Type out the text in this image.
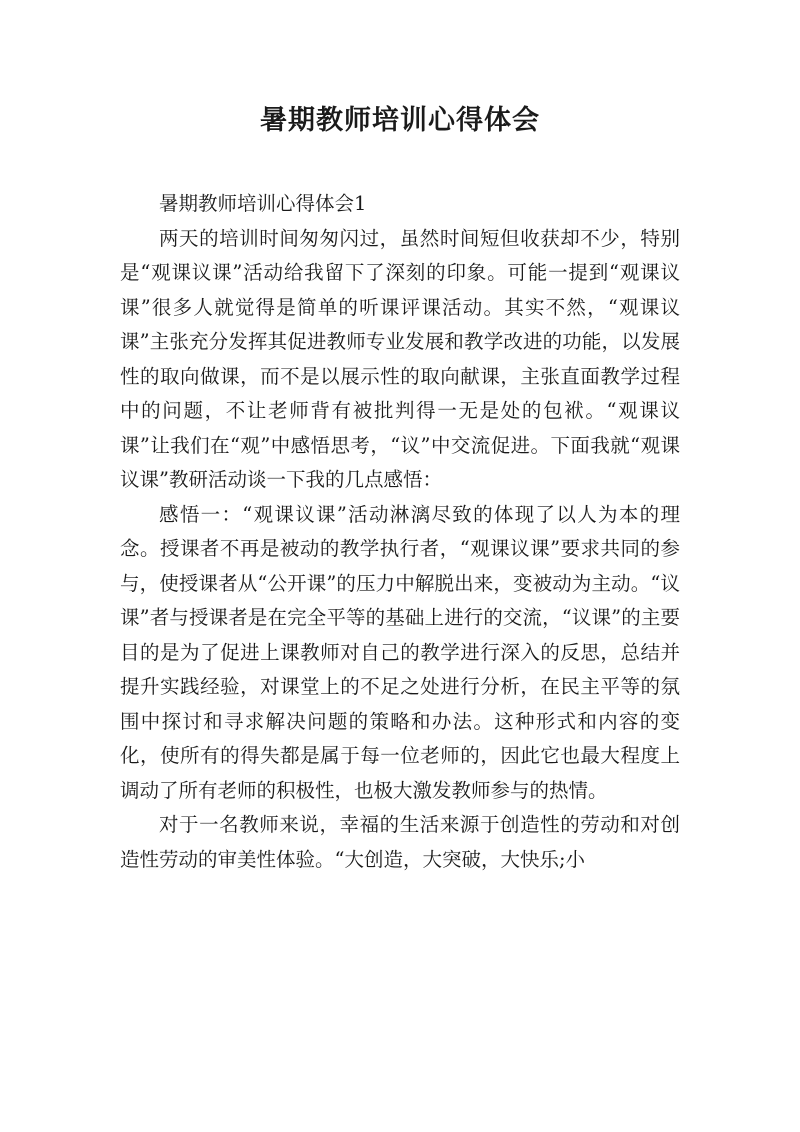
暑期教师培训心得体会

暑期教师培训心得体会1

两天的培训时间匆匆闪过，虽然时间短但收获却不少，特别是“观课议课”活动给我留下了深刻的印象。可能一提到“观课议课”很多人就觉得是简单的听课评课活动。其实不然，“观课议课”主张充分发挥其促进教师专业发展和教学改进的功能，以发展性的取向做课，而不是以展示性的取向献课，主张直面教学过程中的问题，不让老师背有被批判得一无是处的包袱。“观课议课”让我们在“观”中感悟思考，“议”中交流促进。下面我就“观课议课”教研活动谈一下我的几点感悟：

感悟一：“观课议课”活动淋漓尽致的体现了以人为本的理念。授课者不再是被动的教学执行者，“观课议课”要求共同的参与，使授课者从“公开课”的压力中解脱出来，变被动为主动。“议课”者与授课者是在完全平等的基础上进行的交流，“议课”的主要目的是为了促进上课教师对自己的教学进行深入的反思，总结并提升实践经验，对课堂上的不足之处进行分析，在民主平等的氛围中探讨和寻求解决问题的策略和办法。这种形式和内容的变化，使所有的得失都是属于每一位老师的，因此它也最大程度上调动了所有老师的积极性，也极大激发教师参与的热情。

对于一名教师来说，幸福的生活来源于创造性的劳动和对创造性劳动的审美性体验。“大创造，大突破，大快乐;小
